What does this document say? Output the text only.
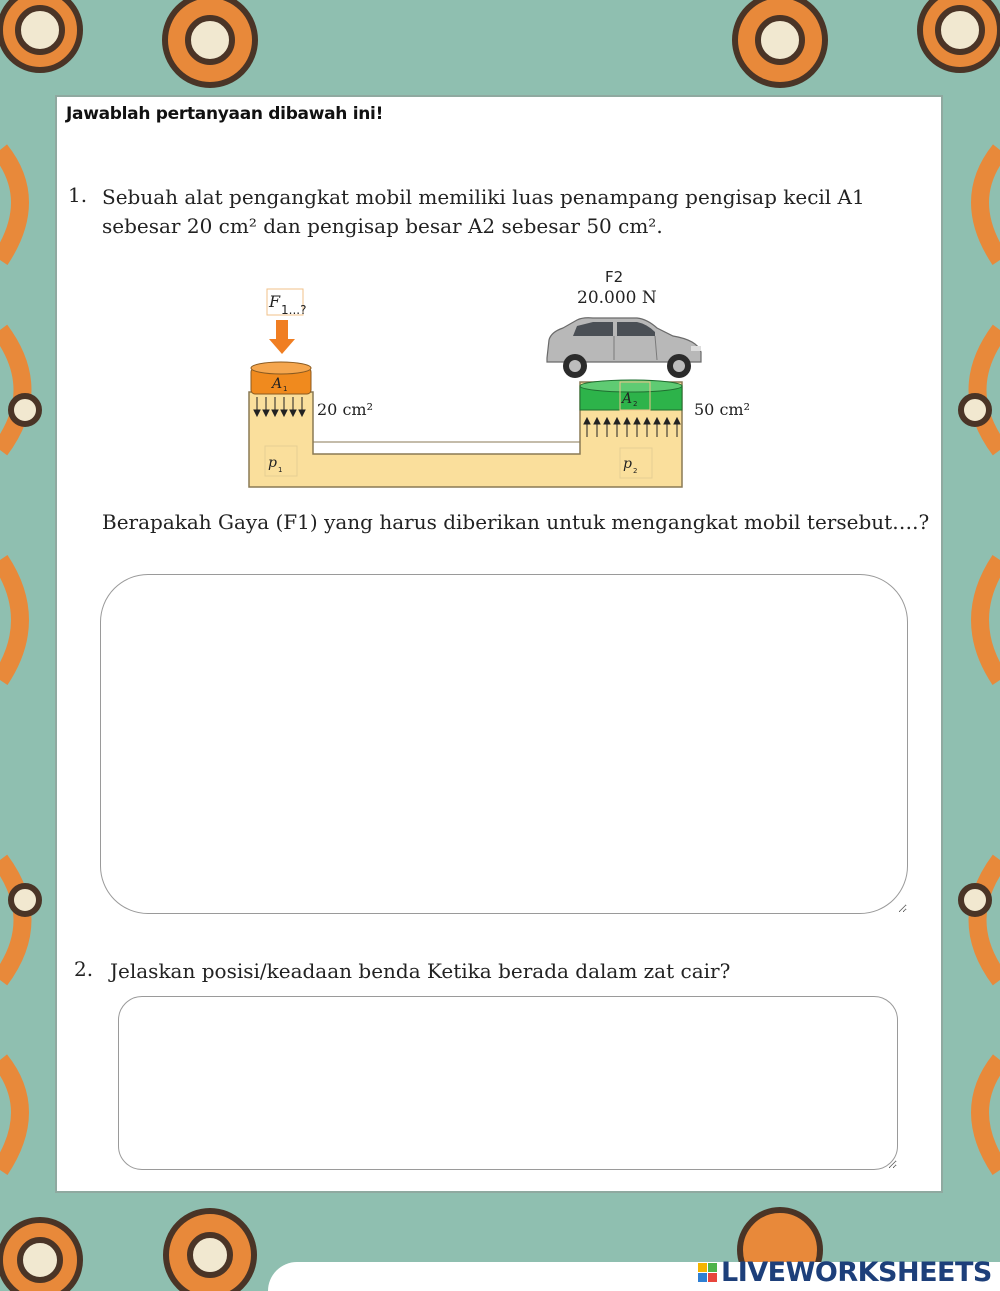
Jawablah pertanyaan dibawah ini!
1. Sebuah alat pengangkat mobil memiliki luas penampang pengisap kecil A1 sebesar 20 cm² dan pengisap besar A2 sebesar 50 cm².
F 1...?
A 1
20 cm²
p 1
A 2	50 cm²
p 2
F2
20.000 N
Berapakah Gaya (F1) yang harus diberikan untuk mengangkat mobil tersebut….?
2. Jelaskan posisi/keadaan benda Ketika berada dalam zat cair?
LIVEWORKSHEETS
